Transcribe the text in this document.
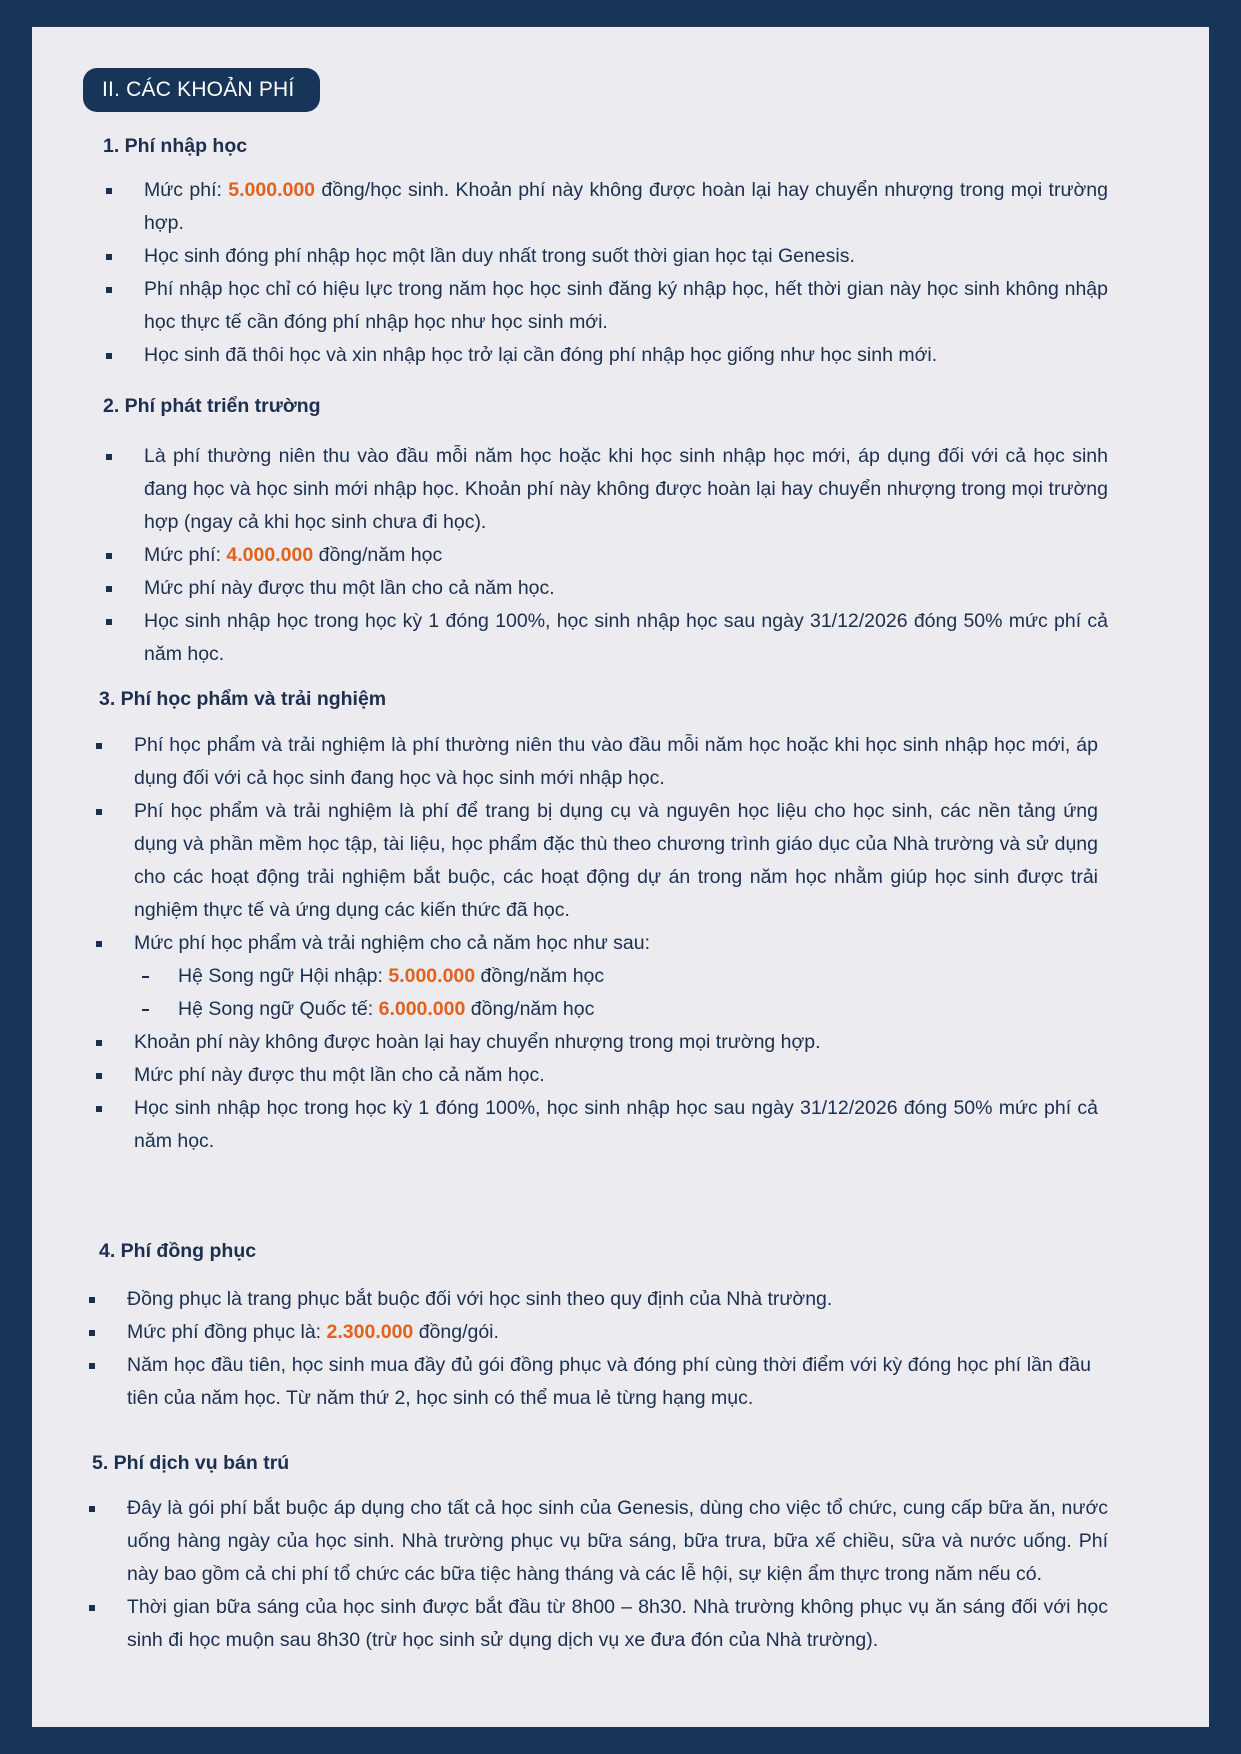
II. CÁC KHOẢN PHÍ
1. Phí nhập học
Mức phí: 5.000.000 đồng/học sinh. Khoản phí này không được hoàn lại hay chuyển nhượng trong mọi trường hợp.
Học sinh đóng phí nhập học một lần duy nhất trong suốt thời gian học tại Genesis.
Phí nhập học chỉ có hiệu lực trong năm học học sinh đăng ký nhập học, hết thời gian này học sinh không nhập học thực tế cần đóng phí nhập học như học sinh mới.
Học sinh đã thôi học và xin nhập học trở lại cần đóng phí nhập học giống như học sinh mới.
2. Phí phát triển trường
Là phí thường niên thu vào đầu mỗi năm học hoặc khi học sinh nhập học mới, áp dụng đối với cả học sinh đang học và học sinh mới nhập học. Khoản phí này không được hoàn lại hay chuyển nhượng trong mọi trường hợp (ngay cả khi học sinh chưa đi học).
Mức phí: 4.000.000 đồng/năm học
Mức phí này được thu một lần cho cả năm học.
Học sinh nhập học trong học kỳ 1 đóng 100%, học sinh nhập học sau ngày 31/12/2026 đóng 50% mức phí cả năm học.
3. Phí học phẩm và trải nghiệm
Phí học phẩm và trải nghiệm là phí thường niên thu vào đầu mỗi năm học hoặc khi học sinh nhập học mới, áp dụng đối với cả học sinh đang học và học sinh mới nhập học.
Phí học phẩm và trải nghiệm là phí để trang bị dụng cụ và nguyên học liệu cho học sinh, các nền tảng ứng dụng và phần mềm học tập, tài liệu, học phẩm đặc thù theo chương trình giáo dục của Nhà trường và sử dụng cho các hoạt động trải nghiệm bắt buộc, các hoạt động dự án trong năm học nhằm giúp học sinh được trải nghiệm thực tế và ứng dụng các kiến thức đã học.
Mức phí học phẩm và trải nghiệm cho cả năm học như sau:
Hệ Song ngữ Hội nhập: 5.000.000 đồng/năm học
Hệ Song ngữ Quốc tế: 6.000.000 đồng/năm học
Khoản phí này không được hoàn lại hay chuyển nhượng trong mọi trường hợp.
Mức phí này được thu một lần cho cả năm học.
Học sinh nhập học trong học kỳ 1 đóng 100%, học sinh nhập học sau ngày 31/12/2026 đóng 50% mức phí cả năm học.
4. Phí đồng phục
Đồng phục là trang phục bắt buộc đối với học sinh theo quy định của Nhà trường.
Mức phí đồng phục là: 2.300.000 đồng/gói.
Năm học đầu tiên, học sinh mua đầy đủ gói đồng phục và đóng phí cùng thời điểm với kỳ đóng học phí lần đầu tiên của năm học. Từ năm thứ 2, học sinh có thể mua lẻ từng hạng mục.
5. Phí dịch vụ bán trú
Đây là gói phí bắt buộc áp dụng cho tất cả học sinh của Genesis, dùng cho việc tổ chức, cung cấp bữa ăn, nước uống hàng ngày của học sinh. Nhà trường phục vụ bữa sáng, bữa trưa, bữa xế chiều, sữa và nước uống. Phí này bao gồm cả chi phí tổ chức các bữa tiệc hàng tháng và các lễ hội, sự kiện ẩm thực trong năm nếu có.
Thời gian bữa sáng của học sinh được bắt đầu từ 8h00 – 8h30. Nhà trường không phục vụ ăn sáng đối với học sinh đi học muộn sau 8h30 (trừ học sinh sử dụng dịch vụ xe đưa đón của Nhà trường).
